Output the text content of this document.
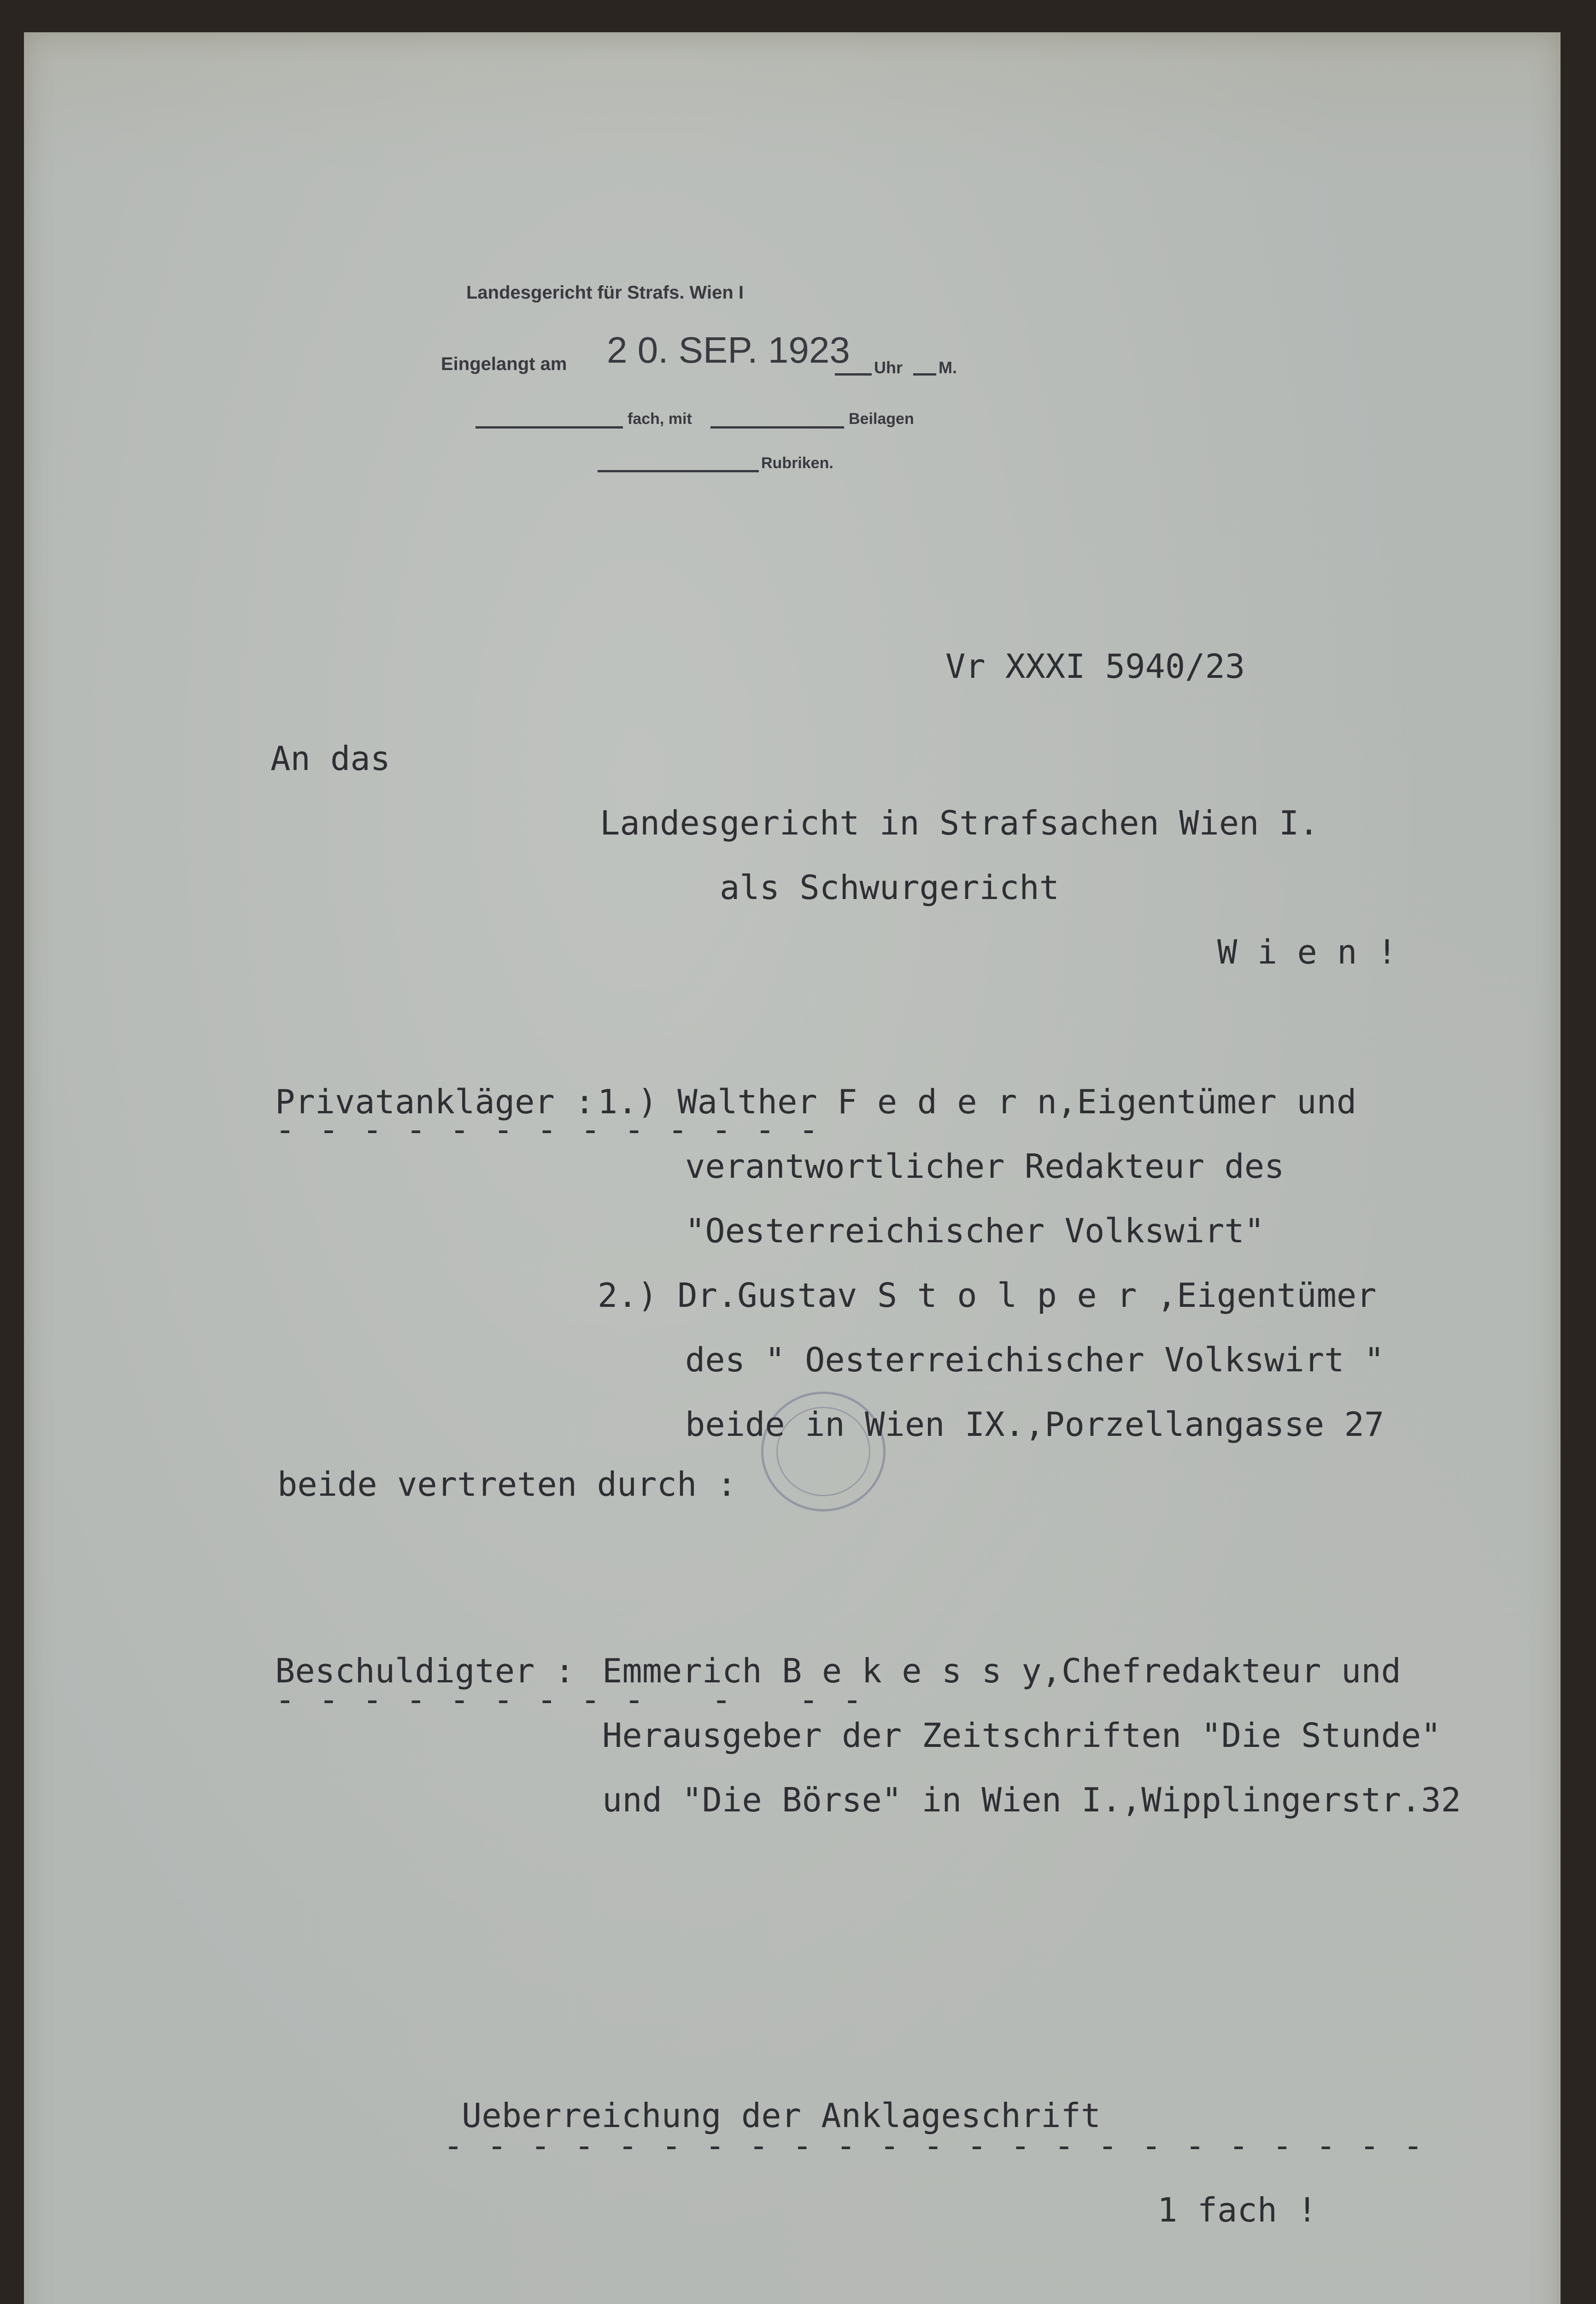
Landesgericht für Strafs. Wien I
Eingelangt am 2 0. SEP. 1923 Uhr M.
fach, mit	Beilagen
Rubriken.
Vr XXXI 5940/23
An das
Landesgericht in Strafsachen Wien I.
als Schwurgericht
W i e n !
Privatankläger :
- - - - - - - - - - - - -
1.) Walther F e d e r n,Eigentümer und
verantwortlicher Redakteur des
"Oesterreichischer Volkswirt"
2.) Dr.Gustav S t o l p e r ,Eigentümer
des " Oesterreichischer Volkswirt "
beide in Wien IX.,Porzellangasse 27
beide vertreten durch :
Beschuldigter :
- - - - - - - - -   -   - -
Emmerich B e k e s s y,Chefredakteur und
Herausgeber der Zeitschriften "Die Stunde"
und "Die Börse" in Wien I.,Wipplingerstr.32
Ueberreichung der Anklageschrift
- - - - - - - - - - - - - - - - - - - - - - -
1 fach !
